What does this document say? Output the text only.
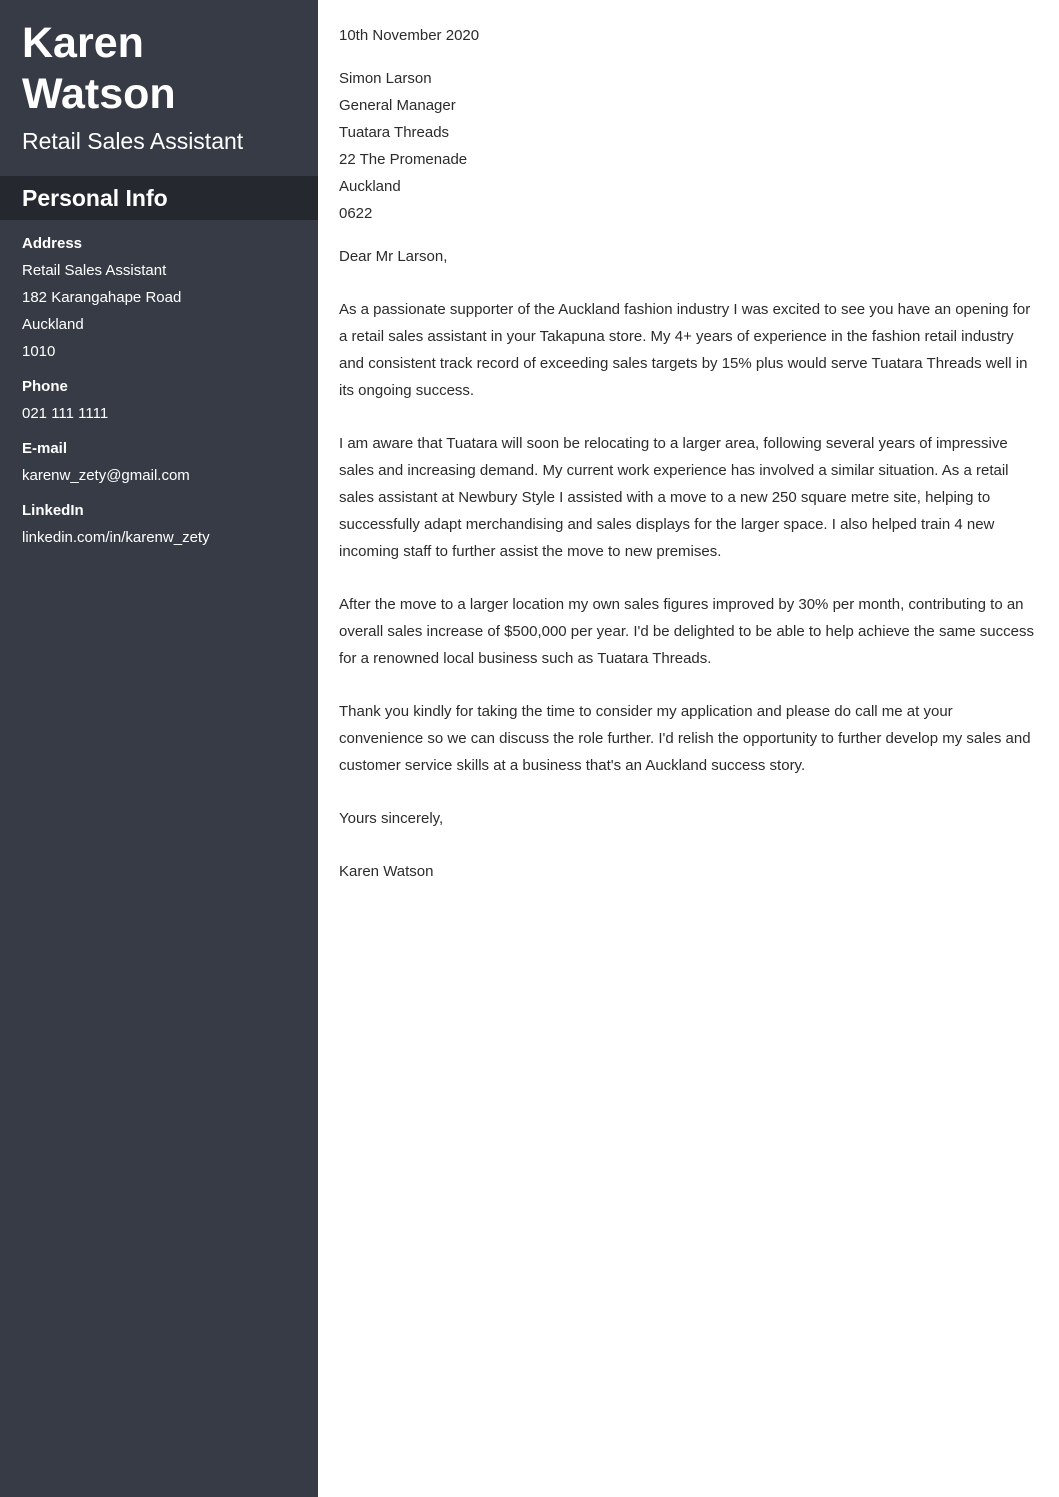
Karen Watson
Retail Sales Assistant
Personal Info
Address
Retail Sales Assistant
182 Karangahape Road
Auckland
1010
Phone
021 111 1111
E-mail
karenw_zety@gmail.com
LinkedIn
linkedin.com/in/karenw_zety

10th November 2020

Simon Larson

General Manager

Tuatara Threads

22 The Promenade

Auckland

0622

Dear Mr Larson,

As a passionate supporter of the Auckland fashion industry I was excited to see you have an opening for a retail sales assistant in your Takapuna store. My 4+ years of experience in the fashion retail industry and consistent track record of exceeding sales targets by 15% plus would serve Tuatara Threads well in its ongoing success.

I am aware that Tuatara will soon be relocating to a larger area, following several years of impressive sales and increasing demand. My current work experience has involved a similar situation. As a retail sales assistant at Newbury Style I assisted with a move to a new 250 square metre site, helping to successfully adapt merchandising and sales displays for the larger space. I also helped train 4 new incoming staff to further assist the move to new premises.

After the move to a larger location my own sales figures improved by 30% per month, contributing to an overall sales increase of $500,000 per year. I'd be delighted to be able to help achieve the same success for a renowned local business such as Tuatara Threads.

Thank you kindly for taking the time to consider my application and please do call me at your convenience so we can discuss the role further. I'd relish the opportunity to further develop my sales and customer service skills at a business that's an Auckland success story.

Yours sincerely,

Karen Watson
